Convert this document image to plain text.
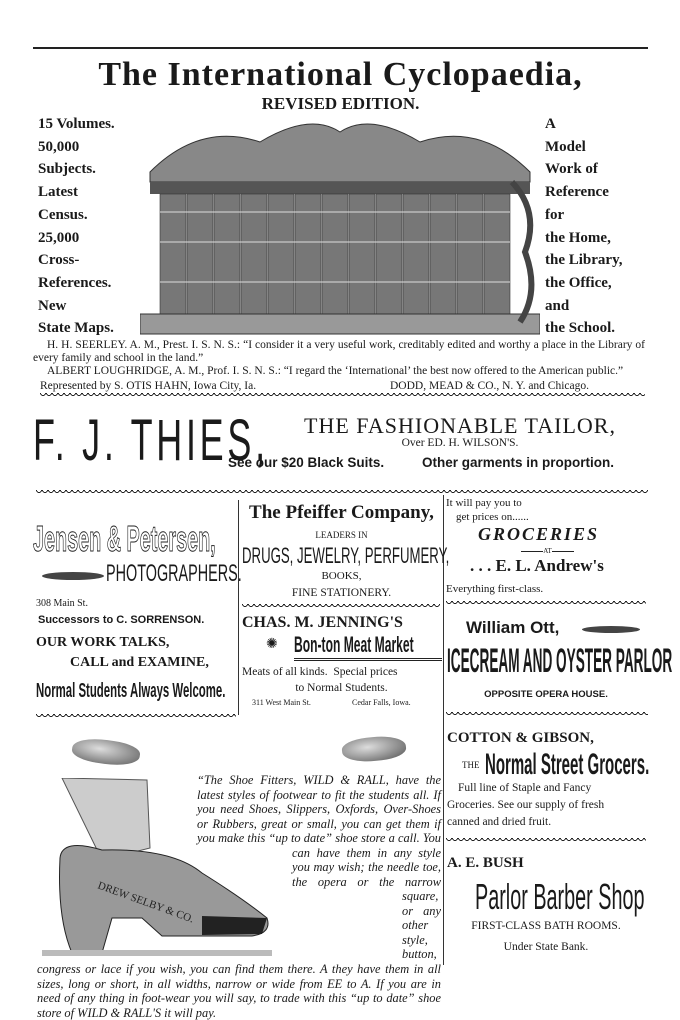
The International Cyclopaedia,
REVISED EDITION.
15 Volumes.
50,000
Subjects.
Latest
Census.
25,000
Cross-
References.
New
State Maps.
A
Model
Work of
Reference
for
the Home,
the Library,
the Office,
and
the School.

H. H. SEERLEY. A. M., Prest. I. S. N. S.: “I consider it a very useful work, creditably edited and worthy a place in the Library of every family and school in the land.”

ALBERT LOUGHRIDGE, A. M., Prof. I. S. N. S.: “I regard the ‘International’ the best now offered to the American public.”

Represented by S. OTIS HAHN, Iowa City, Ia.	DODD, MEAD & CO., N. Y. and Chicago.
F. J. THIES,	THE FASHIONABLE TAILOR,
Over ED. H. WILSON'S.
See our $20 Black Suits.	Other garments in proportion.
Jensen & Petersen,
PHOTOGRAPHERS.
308 Main St.
Successors to C. SORRENSON.
OUR WORK TALKS,
CALL and EXAMINE,
Normal Students Always Welcome.
The Pfeiffer Company,
LEADERS IN
DRUGS, JEWELRY, PERFUMERY,
BOOKS,
FINE STATIONERY.
CHAS. M. JENNING'S
✺ Bon-ton Meat Market
Meats of all kinds.  Special prices
to Normal Students.
311 West Main St.	Cedar Falls, Iowa.
It will pay you to
get prices on......
GROCERIES
AT
. . . E. L. Andrew's
Everything first-class.
William Ott,
ICECREAM AND OYSTER PARLOR
OPPOSITE OPERA HOUSE.
DREW SELBY & CO.

“The Shoe Fitters, WILD & RALL, have the latest styles of footwear to fit the students all. If you need Shoes, Slippers, Oxfords, Over-Shoes or Rubbers, great or small, you can get them if you make this “up to date” shoe store a call. You can have them in any style you may wish; the needle toe, the opera or the narrow square, or any other style, button, congress or lace if you wish, you can find them there. A they have them in all sizes, long or short, in all widths, narrow or wide from EE to A. If you are in need of any thing in foot-wear you will say, to trade with this “up to date” shoe store of WILD & RALL'S it will pay.

COTTON & GIBSON,
THE Normal Street Grocers.
Full line of Staple and Fancy
Groceries. See our supply of fresh
canned and dried fruit.
A. E. BUSH
Parlor Barber Shop
FIRST-CLASS BATH ROOMS.
Under State Bank.
